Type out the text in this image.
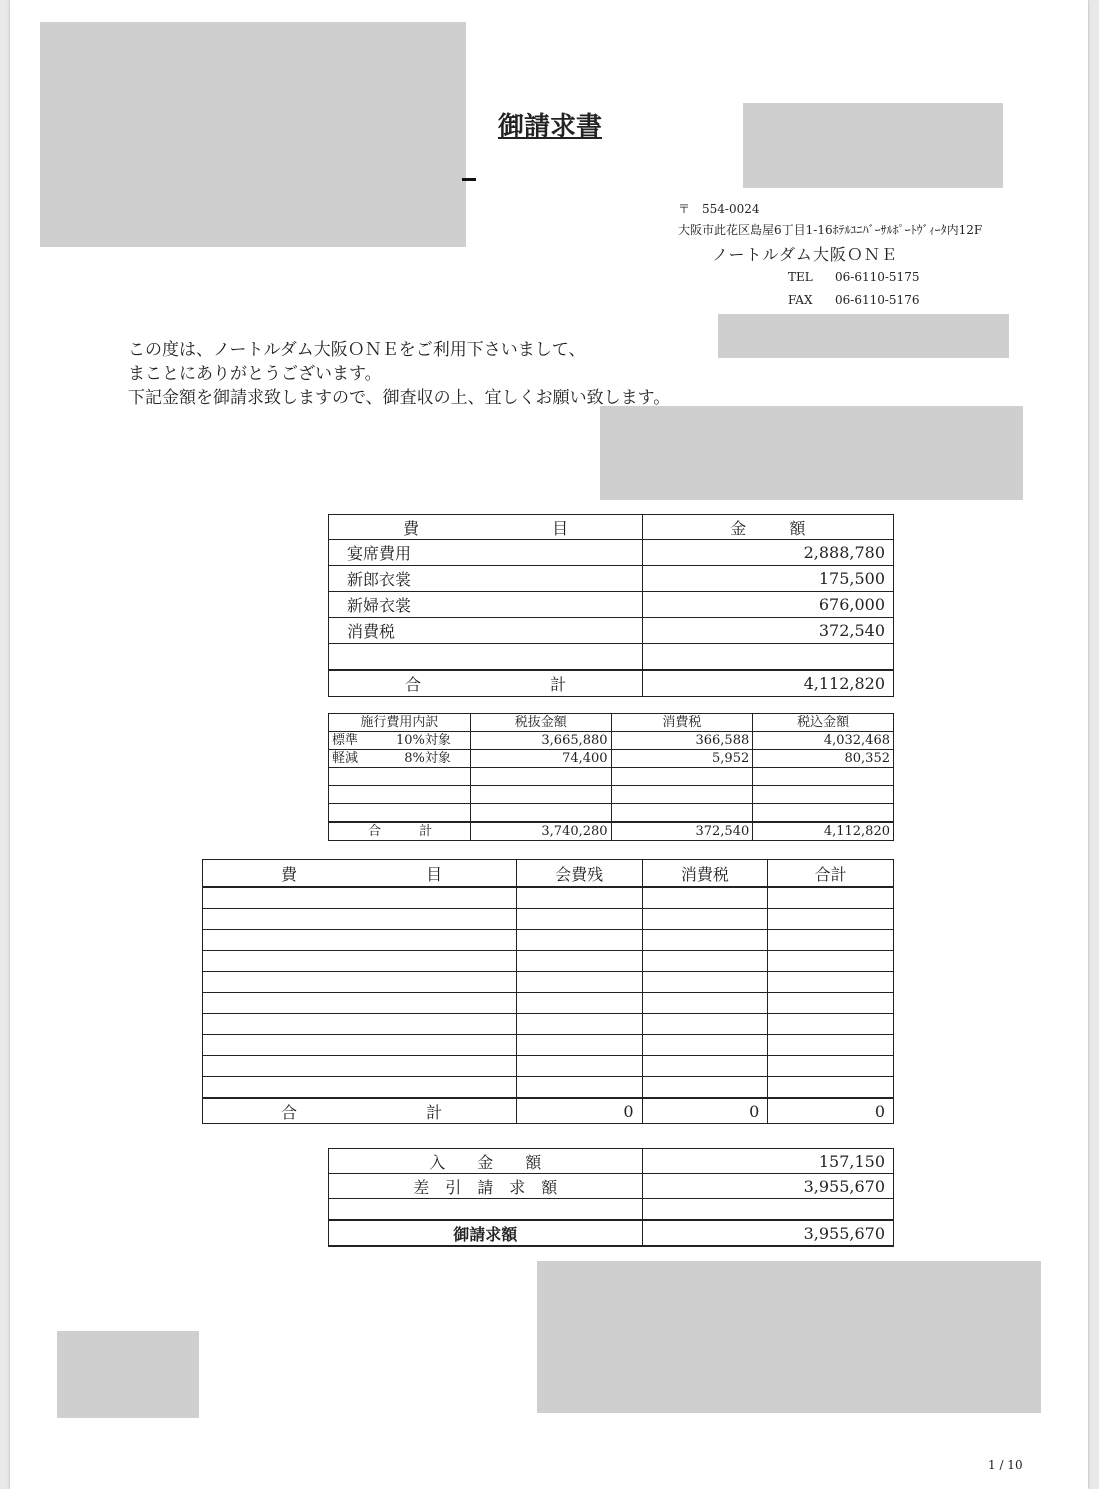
御請求書
〒　554-0024
大阪市此花区島屋6丁目1-16ﾎﾃﾙﾕﾆﾊﾞｰｻﾙﾎﾟｰﾄｳﾞｨｰﾀ内12F
ノートルダム大阪ＯＮＥ
TEL 06-6110-5175
FAX 06-6110-5176
この度は、ノートルダム大阪ＯＮＥをご利用下さいまして、
まことにありがとうございます。
下記金額を御請求致しますので、御査収の上、宜しくお願い致します。
費 目	金 額
宴席費用	2,888,780
新郎衣裳	175,500
新婦衣裳	676,000
消費税	372,540

合 計	4,112,820
施行費用内訳	税抜金額	消費税	税込金額
標準 10%対象	3,665,880	366,588	4,032,468
軽減 8%対象	74,400	5,952	80,352

合 計	3,740,280	372,540	4,112,820
費 目	会費残	消費税	合計

合 計	0	0	0
入　　金　　額	157,150
差　引　請　求　額	3,955,670

御請求額	3,955,670
1 / 10
